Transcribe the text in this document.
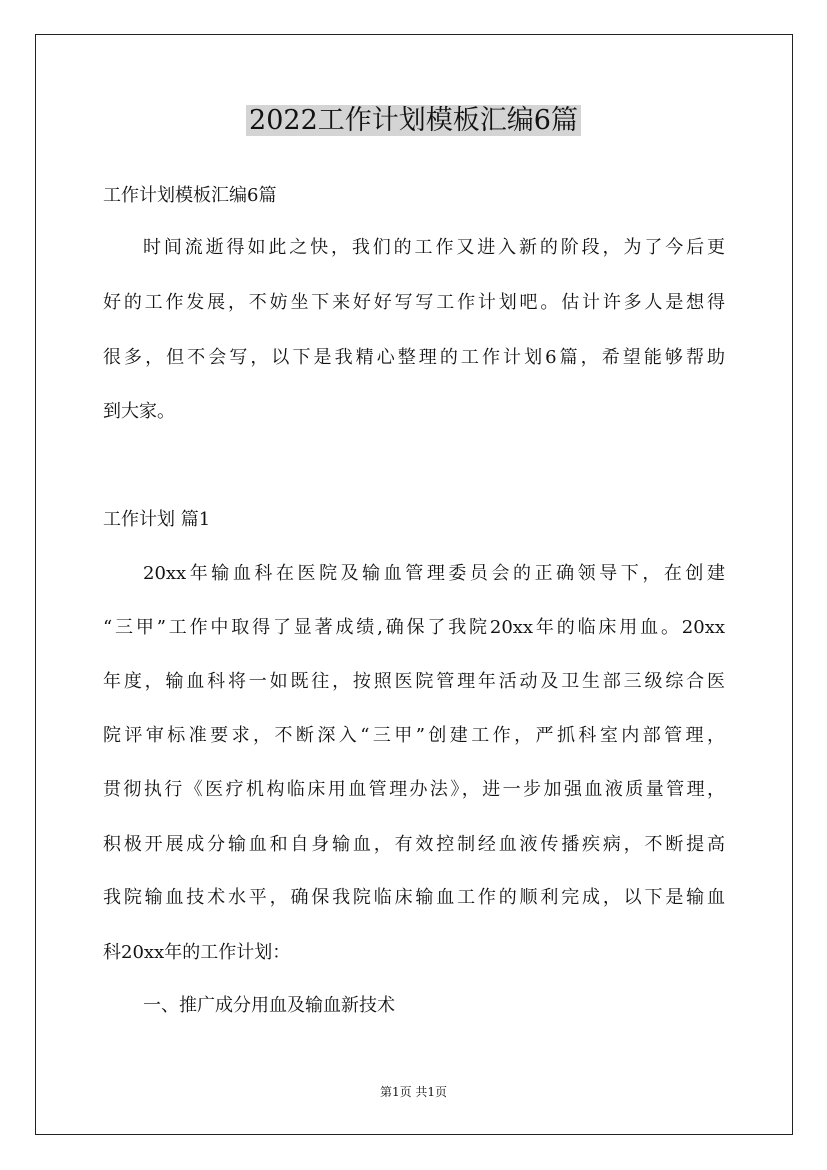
2022工作计划模板汇编6篇

工作计划模板汇编6篇

时间流逝得如此之快，我们的工作又进入新的阶段，为了今后更

好的工作发展，不妨坐下来好好写写工作计划吧。估计许多人是想得

很多，但不会写，以下是我精心整理的工作计划6篇，希望能够帮助

到大家。

工作计划 篇1

20xx年输血科在医院及输血管理委员会的正确领导下，在创建

“三甲”工作中取得了显著成绩,确保了我院20xx年的临床用血。20xx

年度，输血科将一如既往，按照医院管理年活动及卫生部三级综合医

院评审标准要求，不断深入“三甲”创建工作，严抓科室内部管理，

贯彻执行《医疗机构临床用血管理办法》，进一步加强血液质量管理，

积极开展成分输血和自身输血，有效控制经血液传播疾病，不断提高

我院输血技术水平，确保我院临床输血工作的顺利完成，以下是输血

科20xx年的工作计划：

一、推广成分用血及输血新技术

第1页 共1页
